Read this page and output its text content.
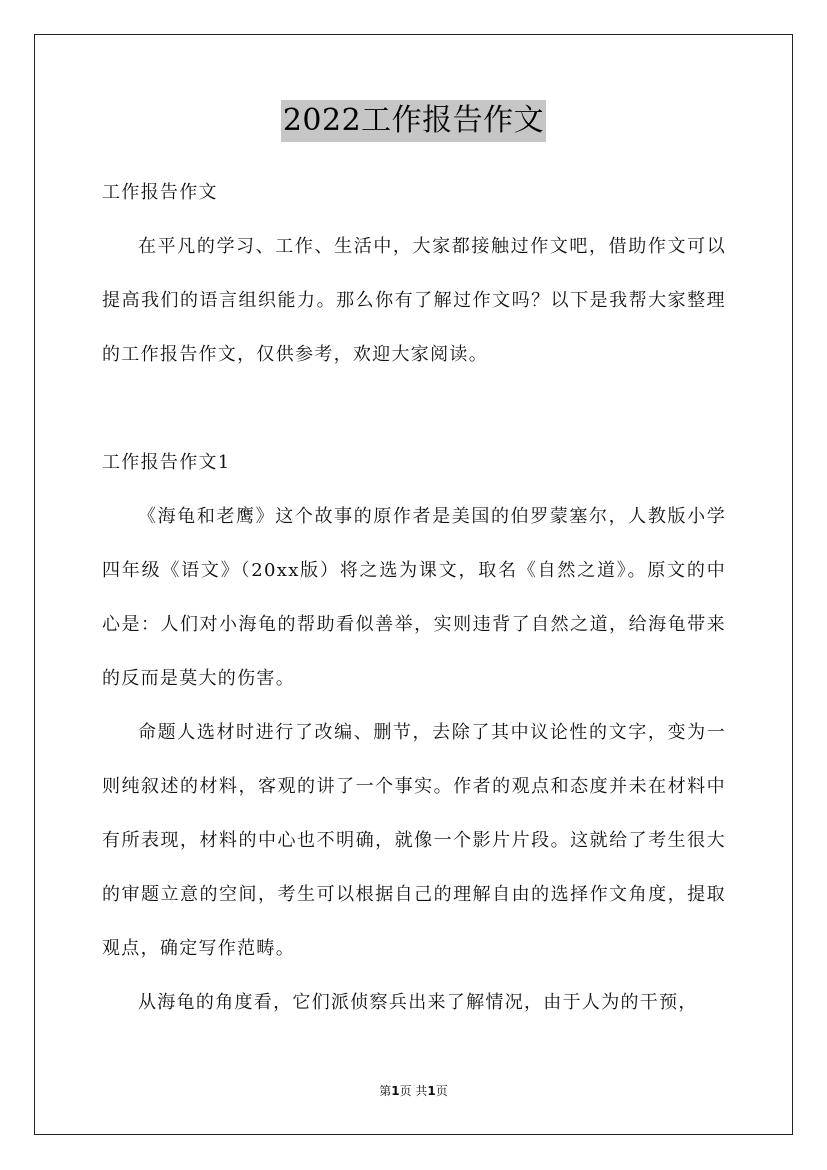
2022工作报告作文
工作报告作文

在平凡的学习、工作、生活中，大家都接触过作文吧，借助作文可以提高我们的语言组织能力。那么你有了解过作文吗？以下是我帮大家整理的工作报告作文，仅供参考，欢迎大家阅读。

工作报告作文1

《海龟和老鹰》这个故事的原作者是美国的伯罗蒙塞尔，人教版小学四年级《语文》（20xx版）将之选为课文，取名《自然之道》。原文的中心是：人们对小海龟的帮助看似善举，实则违背了自然之道，给海龟带来的反而是莫大的伤害。

命题人选材时进行了改编、删节，去除了其中议论性的文字，变为一则纯叙述的材料，客观的讲了一个事实。作者的观点和态度并未在材料中有所表现，材料的中心也不明确，就像一个影片片段。这就给了考生很大的审题立意的空间，考生可以根据自己的理解自由的选择作文角度，提取观点，确定写作范畴。

从海龟的角度看，它们派侦察兵出来了解情况，由于人为的干预，

第1页 共1页
